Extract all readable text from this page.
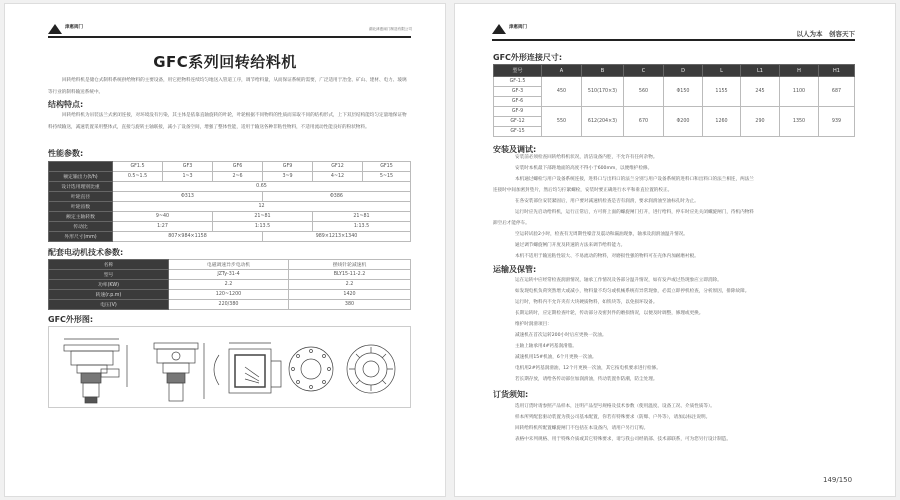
津惠阀门
	湖北津惠阀门制造有限公司
GFC系列回转给料机
回转给料机是储仓式制料系统供给物料的主要设备，用它把物料连续均匀地送入管道工序，调节给料量，从而保证系统的需要，广泛适用于冶金、矿山、建材、电力、玻璃等行业的制料输送系统中。
结构特点:
回转给料机为吊装法兰式密闭连接，对环境没有污染，其主体是依靠直轴旋转的叶轮，叶轮根据不同物料的性质而采取不同的结构形式，上下双层结构能均匀定量地保证物料持续输送，减速装置采用整体式，直接与旋转主轴联接，减小了设备空间，增强了整体性能，适用于输送各种非粘性物料，不适用流动性能良好的粉状物料。
性能参数:
	GF1.5	GF3	GF6	GF9	GF12	GF15
额定输出力(t/h)	0.5~1.5	1~3	2~6	3~9	4~12	5~15
设计选用理别比重	0.65					
叶轮直径	Φ313			Φ386		
叶轮齿数	12					
额定主轴转数	9~40		21~81		21~81	
传动比	1:27		1:13.5		1:13.5	
外形尺寸(mm)	807×984×1158			989×1213×1340		
配套电动机技术参数:
名称	电磁调速异步电动机	摆线针轮减速机
型号	JZTy-31-4	BLY15-11-2.2
功率(KW)	2.2	2.2
转速(r.p.m)	120~1200	1420
电压(V)	220/380	380
GFC外形图:
津惠阀门

以人为本　创容天下
GFC外形连接尺寸:
型号	A	B	C	D	L	L1	H	H1
GF-1.5	450	510(170×3)	560	Φ150	1155	245	1100	687
GF-3								
GF-6								
GF-9	550	612(204×3)	670	Φ200	1260	290	1350	939
GF-12								
GF-15								
安装及调试:
安装前必须检查回转给料机状况，清洁设备内腔，不允许有任何杂物。
安装时本机最下部距地面的高度不得小于600mm，以便维护检修。
本机通过螺栓与用户设备系统连接，进料口与出料口的法兰分别与用户设备系统的进料口和出料口的法兰相连，两法兰
连接时中间加密封垫片，然后均匀拧紧螺栓，安装时要正确进行水平和垂直位置的校正。
在各安装部位安装紧固后，用户要对减速机检查是否有润滑，要求润滑油至油标孔时为止。
运行时应先启动给料机，运行正常后，方可将上面的螺旋闸门打开，进行给料，停车时应先关闭螺旋闸门，待机内物料
卸空后才能停车。
空运转试验2小时，检查有无周期性噪音及震动和漏油现象，轴承及润滑油温升情况。
通过调节螺旋闸门开度及转速的方法来调节给料能力。
本机不适用于输送粘性较大、不易流动的物料，对磨损性强的物料可在壳体内加耐磨衬板。
运输及保管:
运在运转中应经常检查润滑情况，轴承工作情况及各部分温升情况，如有发声或过热现象应立即消除。
如发现电机负荷突然增大或减小，物料量不均匀或机械系统有异常现象，必需立即停机检查，分析原因，排除故障。
运行时，物料内不允许夹有大块硬质物料，如铁块等，以免损坏设备。
长期运转时，应定期检查叶轮，传动部分及密封件的磨损情况，以便及时调整，修理或更换。
维护时润滑项目：
减速机在首次运转200小时后应更换一次油。
主轴上轴承用4#钙基润滑脂。
减速机用15#机油，6个月更换一次油。
电机用2#钙基润滑油，12个月更换一次油，其它按电机要求进行检修。
若长期存放，请给各传动部位加润滑油，传动装置作防潮，防尘处理。
订货须知:
选用订货时请参照产品样本，注明产品型号规格及技术参数（使用温度、设备工况、介质性质等）。
样本所列配套驱动装置为我公司基本配置，你若有特殊要求（防爆、户外等），请加以标注说明。
回转给料机所配置螺旋闸门不包括在本设备内，请用户另行订购。
表格中未列规格、用于特殊介质或其它特殊要求，请与我公司经销部、技术部联系，可为您另行设计制造。
149/150
